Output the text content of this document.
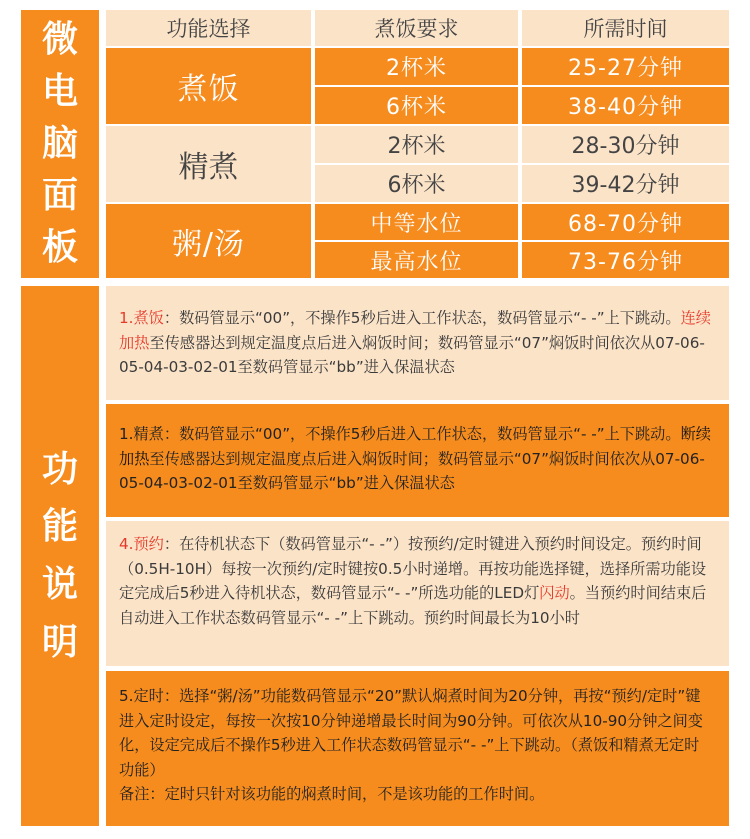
微
电
脑
面
板
功能选择	煮饭要求	所需时间
煮饭
2杯米	25-27分钟
6杯米	38-40分钟
精煮
2杯米	28-30分钟
6杯米	39-42分钟
粥/汤
中等水位	68-70分钟
最高水位	73-76分钟
功
能
说
明
1.煮饭：数码管显示“00”，不操作5秒后进入工作状态，数码管显示“- -”上下跳动。连续加热至传感器达到规定温度点后进入焖饭时间；数码管显示“07”焖饭时间依次从07-06-05-04-03-02-01至数码管显示“bb”进入保温状态
1.精煮：数码管显示“00”，不操作5秒后进入工作状态，数码管显示“- -”上下跳动。断续加热至传感器达到规定温度点后进入焖饭时间；数码管显示“07”焖饭时间依次从07-06-05-04-03-02-01至数码管显示“bb”进入保温状态
4.预约：在待机状态下（数码管显示“- -”）按预约/定时键进入预约时间设定。预约时间（0.5H-10H）每按一次预约/定时键按0.5小时递增。再按功能选择键，选择所需功能设定完成后5秒进入待机状态，数码管显示“- -”所选功能的LED灯闪动。当预约时间结束后自动进入工作状态数码管显示“- -”上下跳动。预约时间最长为10小时
5.定时：选择“粥/汤”功能数码管显示“20”默认焖煮时间为20分钟，再按“预约/定时”键进入定时设定，每按一次按10分钟递增最长时间为90分钟。可依次从10-90分钟之间变化，设定完成后不操作5秒进入工作状态数码管显示“- -”上下跳动。（煮饭和精煮无定时功能）
备注：定时只针对该功能的焖煮时间，不是该功能的工作时间。
